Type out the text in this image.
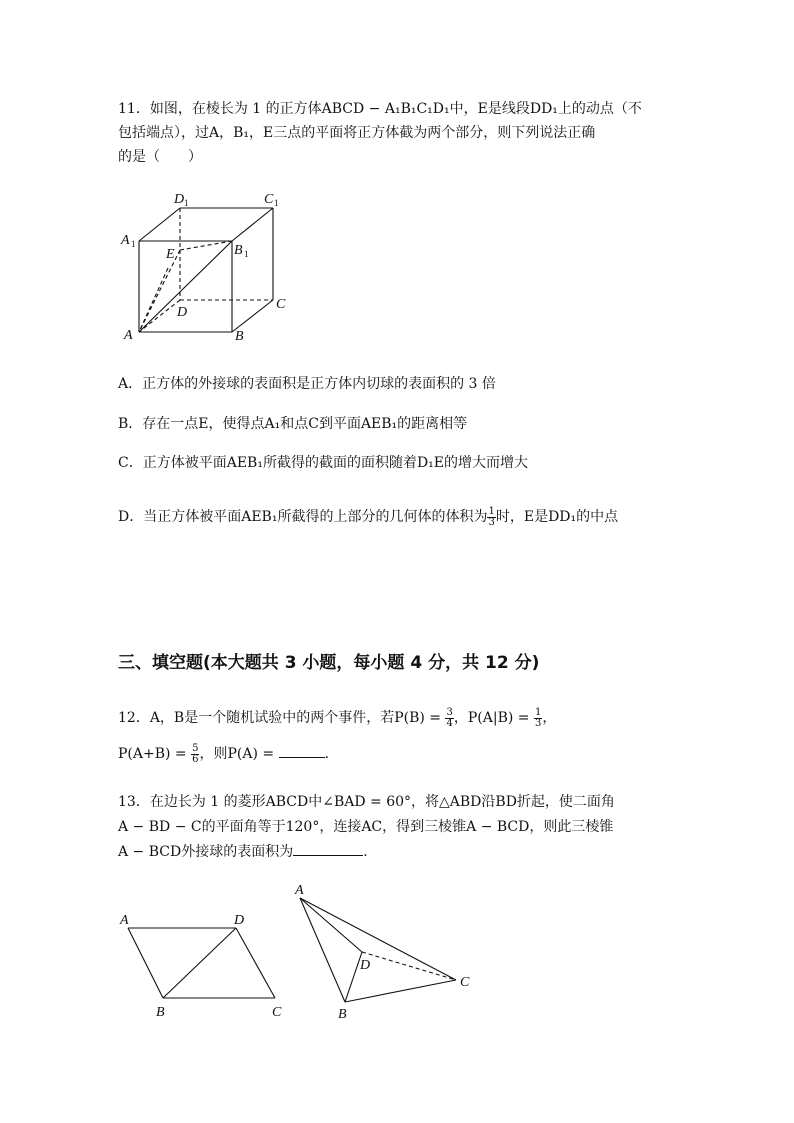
11．如图，在棱长为 1 的正方体ABCD − A₁B₁C₁D₁中，E是线段DD₁上的动点（不
包括端点），过A，B₁，E三点的平面将正方体截为两个部分，则下列说法正确
的是（　　）
D 1	C 1
A 1	B 1
E
D
C
A	B
A．正方体的外接球的表面积是正方体内切球的表面积的 3 倍
B．存在一点E，使得点A₁和点C到平面AEB₁的距离相等
C．正方体被平面AEB₁所截得的截面的面积随着D₁E的增大而增大
D．当正方体被平面AEB₁所截得的上部分的几何体的体积为 $\frac{1}{3}$ 时，E是DD₁的中点
三、填空题(本大题共 3 小题，每小题 4 分，共 12 分)
12．A，B是一个随机试验中的两个事件，若$P(B) = \frac{3}{4}$ ，$P(A|B) = \frac{1}{3}$ ，
$P(A+B) = \frac{5}{6}$ ，则P(A) =	.
13．在边长为 1 的菱形ABCD中∠BAD = 60°，将△ABD沿BD折起，使二面角
A − BD − C的平面角等于120°，连接AC，得到三棱锥A − BCD，则此三棱锥
A − BCD外接球的表面积为	.
A	D
B	C
A
D
C
B
